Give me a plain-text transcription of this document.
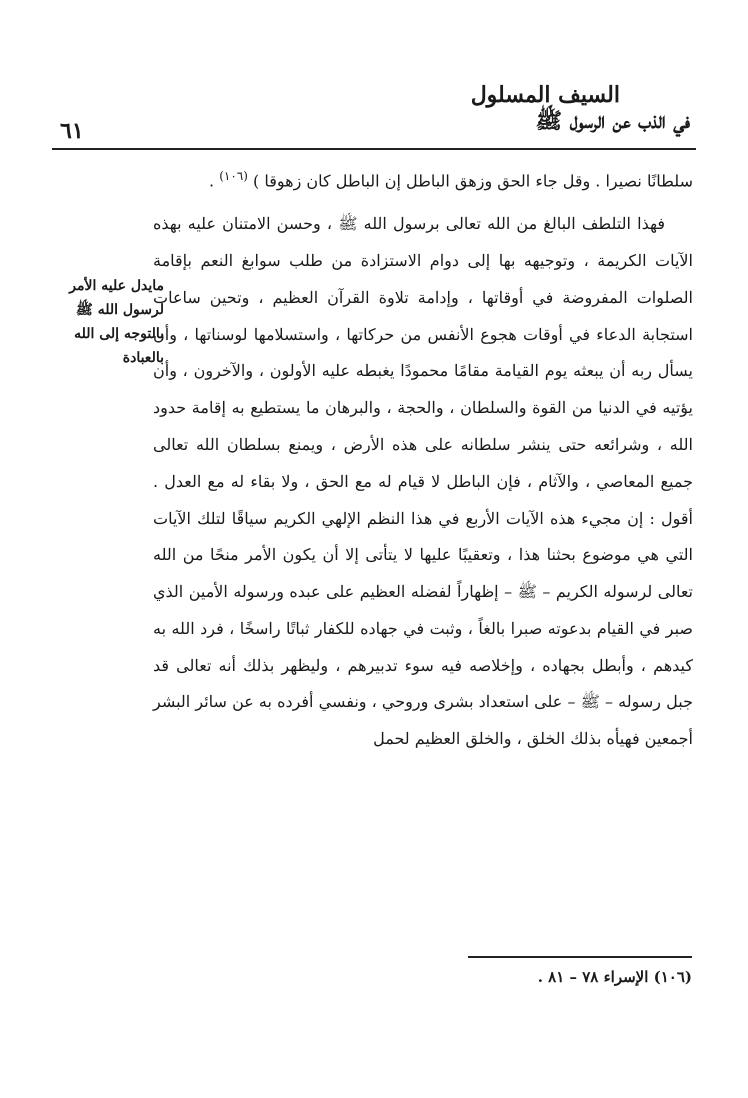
السيف المسلول
في الذب عن الرسول ﷺ
٦١

سلطانًا نصيرا . وقل جاء الحق وزهق الباطل إن الباطل كان زهوقا ) $^{(١٠٦)}$ .

فهذا التلطف البالغ من الله تعالى برسول الله ﷺ ، وحسن الامتنان عليه بهذه الآيات الكريمة ، وتوجيهه بها إلى دوام الاستزادة من طلب سوابغ النعم بإقامة الصلوات المفروضة في أوقاتها ، وإدامة تلاوة القرآن العظيم ، وتحين ساعات استجابة الدعاء في أوقات هجوع الأنفس من حركاتها ، واستسلامها لوسناتها ، وأن يسأل ربه أن يبعثه يوم القيامة مقامًا محمودًا يغبطه عليه الأولون ، والآخرون ، وأن يؤتيه في الدنيا من القوة والسلطان ، والحجة ، والبرهان ما يستطيع به إقامة حدود الله ، وشرائعه حتى ينشر سلطانه على هذه الأرض ، ويمنع بسلطان الله تعالى جميع المعاصي ، والآثام ، فإن الباطل لا قيام له مع الحق ، ولا بقاء له مع العدل . أقول : إن مجيء هذه الآيات الأربع في هذا النظم الإلهي الكريم سياقًا لتلك الآيات التي هي موضوع بحثنا هذا ، وتعقيبًا عليها لا يتأتى إلا أن يكون الأمر منحًا من الله تعالى لرسوله الكريم – ﷺ – إظهاراً لفضله العظيم على عبده ورسوله الأمين الذي صبر في القيام بدعوته صبرا بالغاً ، وثبت في جهاده للكفار ثباتًا راسخًا ، فرد الله به كيدهم ، وأبطل بجهاده ، وإخلاصه فيه سوء تدبيرهم ، وليظهر بذلك أنه تعالى قد جبل رسوله – ﷺ – على استعداد بشرى وروحي ، ونفسي أفرده به عن سائر البشر أجمعين فهيأه بذلك الخلق ، والخلق العظيم لحمل

مايدل عليه الأمر لرسول الله ﷺ بالتوجه إلى الله بالعبادة
(١٠٦) الإسراء ٧٨ – ٨١ .
